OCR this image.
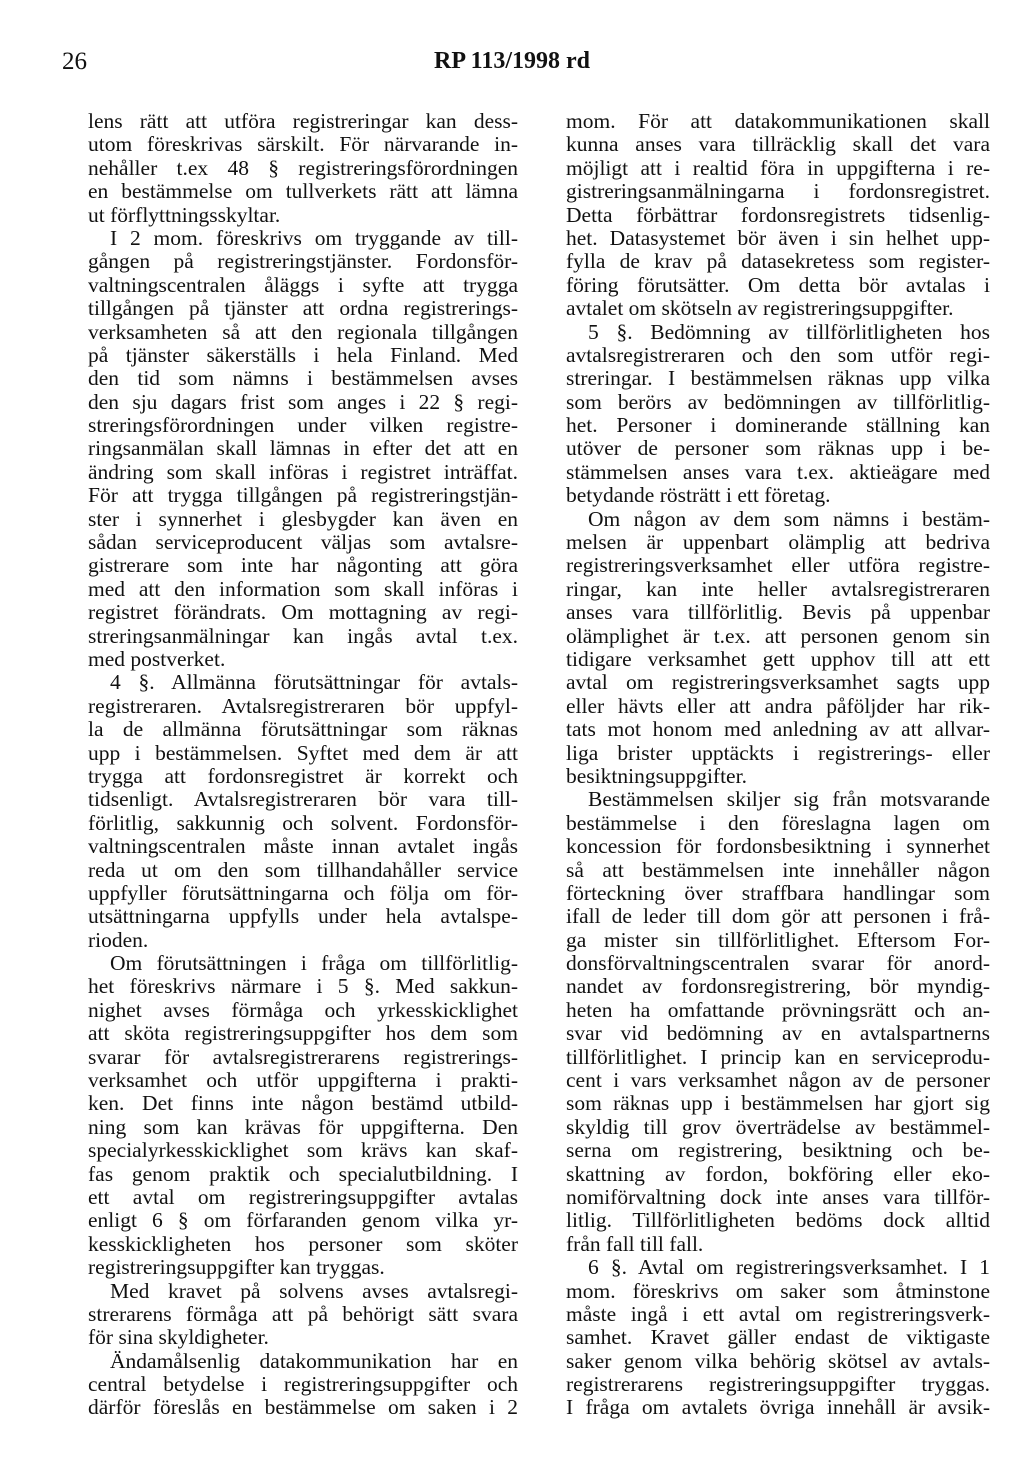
26	RP 113/1998 rd
lens rätt att utföra registreringar kan dess-
utom föreskrivas särskilt. För närvarande in-
nehåller t.ex 48 § registreringsförordningen
en bestämmelse om tullverkets rätt att lämna
ut förflyttningsskyltar.
I 2 mom. föreskrivs om tryggande av till-
gången på registreringstjänster. Fordonsför-
valtningscentralen åläggs i syfte att trygga
tillgången på tjänster att ordna registrerings-
verksamheten så att den regionala tillgången
på tjänster säkerställs i hela Finland. Med
den tid som nämns i bestämmelsen avses
den sju dagars frist som anges i 22 § regi-
streringsförordningen under vilken registre-
ringsanmälan skall lämnas in efter det att en
ändring som skall införas i registret inträffat.
För att trygga tillgången på registreringstjän-
ster i synnerhet i glesbygder kan även en
sådan serviceproducent väljas som avtalsre-
gistrerare som inte har någonting att göra
med att den information som skall införas i
registret förändrats. Om mottagning av regi-
streringsanmälningar kan ingås avtal t.ex.
med postverket.
4 §. Allmänna förutsättningar för avtals-
registreraren. Avtalsregistreraren bör uppfyl-
la de allmänna förutsättningar som räknas
upp i bestämmelsen. Syftet med dem är att
trygga att fordonsregistret är korrekt och
tidsenligt. Avtalsregistreraren bör vara till-
förlitlig, sakkunnig och solvent. Fordonsför-
valtningscentralen måste innan avtalet ingås
reda ut om den som tillhandahåller service
uppfyller förutsättningarna och följa om för-
utsättningarna uppfylls under hela avtalspe-
rioden.
Om förutsättningen i fråga om tillförlitlig-
het föreskrivs närmare i 5 §. Med sakkun-
nighet avses förmåga och yrkesskicklighet
att sköta registreringsuppgifter hos dem som
svarar för avtalsregistrerarens registrerings-
verksamhet och utför uppgifterna i prakti-
ken. Det finns inte någon bestämd utbild-
ning som kan krävas för uppgifterna. Den
specialyrkesskicklighet som krävs kan skaf-
fas genom praktik och specialutbildning. I
ett avtal om registreringsuppgifter avtalas
enligt 6 § om förfaranden genom vilka yr-
kesskickligheten hos personer som sköter
registreringsuppgifter kan tryggas.
Med kravet på solvens avses avtalsregi-
strerarens förmåga att på behörigt sätt svara
för sina skyldigheter.
Ändamålsenlig datakommunikation har en
central betydelse i registreringsuppgifter och
därför föreslås en bestämmelse om saken i 2
mom. För att datakommunikationen skall
kunna anses vara tillräcklig skall det vara
möjligt att i realtid föra in uppgifterna i re-
gistreringsanmälningarna i fordonsregistret.
Detta förbättrar fordonsregistrets tidsenlig-
het. Datasystemet bör även i sin helhet upp-
fylla de krav på datasekretess som register-
föring förutsätter. Om detta bör avtalas i
avtalet om skötseln av registreringsuppgifter.
5 §. Bedömning av tillförlitligheten hos
avtalsregistreraren och den som utför regi-
streringar. I bestämmelsen räknas upp vilka
som berörs av bedömningen av tillförlitlig-
het. Personer i dominerande ställning kan
utöver de personer som räknas upp i be-
stämmelsen anses vara t.ex. aktieägare med
betydande rösträtt i ett företag.
Om någon av dem som nämns i bestäm-
melsen är uppenbart olämplig att bedriva
registreringsverksamhet eller utföra registre-
ringar, kan inte heller avtalsregistreraren
anses vara tillförlitlig. Bevis på uppenbar
olämplighet är t.ex. att personen genom sin
tidigare verksamhet gett upphov till att ett
avtal om registreringsverksamhet sagts upp
eller hävts eller att andra påföljder har rik-
tats mot honom med anledning av att allvar-
liga brister upptäckts i registrerings- eller
besiktningsuppgifter.
Bestämmelsen skiljer sig från motsvarande
bestämmelse i den föreslagna lagen om
koncession för fordonsbesiktning i synnerhet
så att bestämmelsen inte innehåller någon
förteckning över straffbara handlingar som
ifall de leder till dom gör att personen i frå-
ga mister sin tillförlitlighet. Eftersom For-
donsförvaltningscentralen svarar för anord-
nandet av fordonsregistrering, bör myndig-
heten ha omfattande prövningsrätt och an-
svar vid bedömning av en avtalspartnerns
tillförlitlighet. I princip kan en serviceprodu-
cent i vars verksamhet någon av de personer
som räknas upp i bestämmelsen har gjort sig
skyldig till grov överträdelse av bestämmel-
serna om registrering, besiktning och be-
skattning av fordon, bokföring eller eko-
nomiförvaltning dock inte anses vara tillför-
litlig. Tillförlitligheten bedöms dock alltid
från fall till fall.
6 §. Avtal om registreringsverksamhet. I 1
mom. föreskrivs om saker som åtminstone
måste ingå i ett avtal om registreringsverk-
samhet. Kravet gäller endast de viktigaste
saker genom vilka behörig skötsel av avtals-
registrerarens registreringsuppgifter tryggas.
I fråga om avtalets övriga innehåll är avsik-
